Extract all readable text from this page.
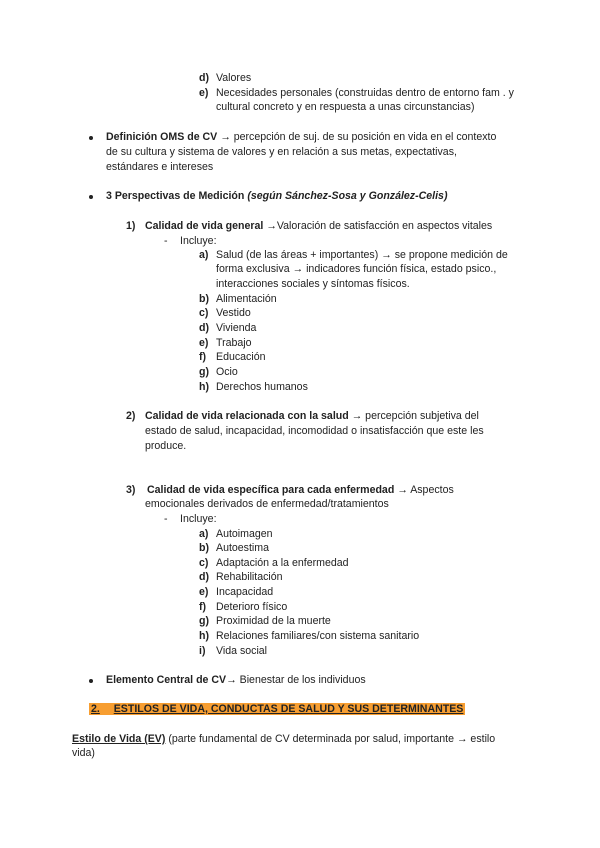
d) Valores
e) Necesidades personales (construidas dentro de entorno fam . y
cultural concreto y en respuesta a unas circunstancias)
Definición OMS de CV → percepción de suj. de su posición en vida en el contexto
de su cultura y sistema de valores y en relación a sus metas, expectativas,
estándares e intereses
3 Perspectivas de Medición (según Sánchez-Sosa y González-Celis)
1) Calidad de vida general →Valoración de satisfacción en aspectos vitales
- Incluye:
a) Salud (de las áreas + importantes) → se propone medición de
forma exclusiva → indicadores función física, estado psico.,
interacciones sociales y síntomas físicos.
b) Alimentación
c) Vestido
d) Vivienda
e) Trabajo
f) Educación
g) Ocio
h) Derechos humanos
2) Calidad de vida relacionada con la salud → percepción subjetiva del
estado de salud, incapacidad, incomodidad o insatisfacción que este les
produce.
3) Calidad de vida específica para cada enfermedad → Aspectos
emocionales derivados de enfermedad/tratamientos
- Incluye:
a) Autoimagen
b) Autoestima
c) Adaptación a la enfermedad
d) Rehabilitación
e) Incapacidad
f) Deterioro físico
g) Proximidad de la muerte
h) Relaciones familiares/con sistema sanitario
i) Vida social
Elemento Central de CV→ Bienestar de los individuos
2. ESTILOS DE VIDA, CONDUCTAS DE SALUD Y SUS DETERMINANTES
Estilo de Vida (EV) (parte fundamental de CV determinada por salud, importante → estilo
vida)
